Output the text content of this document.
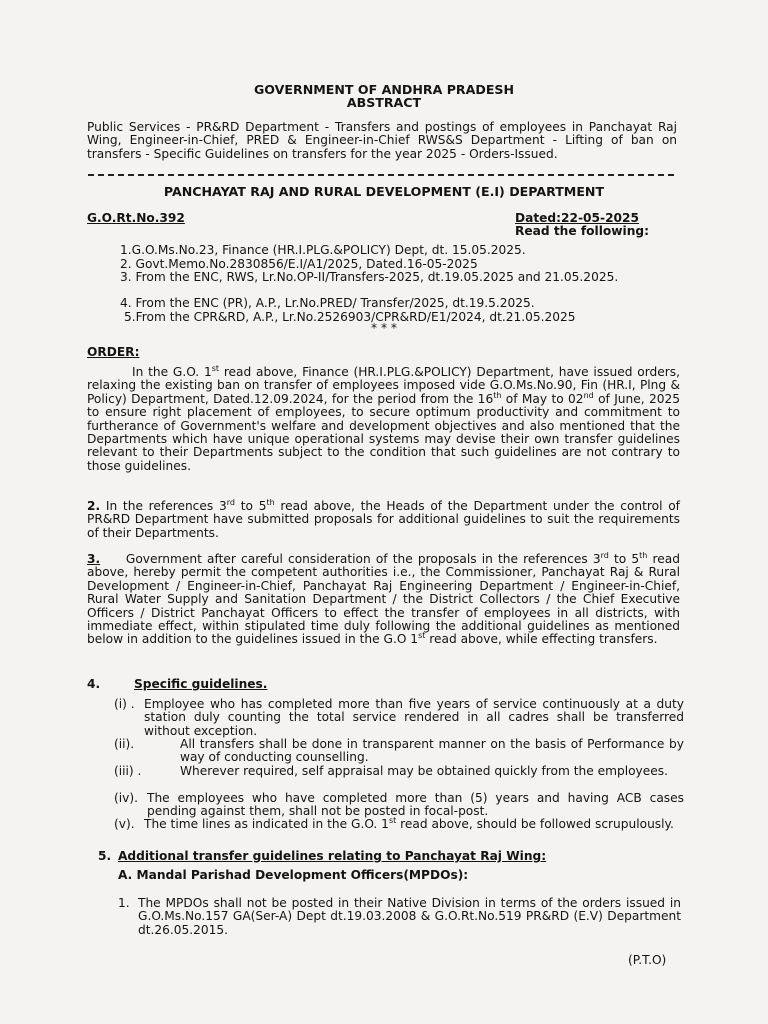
GOVERNMENT OF ANDHRA PRADESH
ABSTRACT
Public Services - PR&RD Department - Transfers and postings of employees in Panchayat Raj Wing, Engineer-in-Chief, PRED & Engineer-in-Chief RWS&S Department - Lifting of ban on transfers - Specific Guidelines on transfers for the year 2025 - Orders-Issued.
PANCHAYAT RAJ AND RURAL DEVELOPMENT (E.I) DEPARTMENT
G.O.Rt.No.392	Dated:22-05-2025
Read the following:
1.G.O.Ms.No.23, Finance (HR.I.PLG.&POLICY) Dept, dt. 15.05.2025.
2. Govt.Memo.No.2830856/E.I/A1/2025, Dated.16-05-2025
3. From the ENC, RWS, Lr.No.OP-II/Transfers-2025, dt.19.05.2025 and 21.05.2025.
4. From the ENC (PR), A.P., Lr.No.PRED/ Transfer/2025, dt.19.5.2025.
5.From the CPR&RD, A.P., Lr.No.2526903/CPR&RD/E1/2024, dt.21.05.2025
* * *
ORDER:
In the G.O. 1st read above, Finance (HR.I.PLG.&POLICY) Department, have issued orders, relaxing the existing ban on transfer of employees imposed vide G.O.Ms.No.90, Fin (HR.I, Plng & Policy) Department, Dated.12.09.2024, for the period from the 16th of May to 02nd of June, 2025 to ensure right placement of employees, to secure optimum productivity and commitment to furtherance of Government's welfare and development objectives and also mentioned that the Departments which have unique operational systems may devise their own transfer guidelines relevant to their Departments subject to the condition that such guidelines are not contrary to those guidelines.
2. In the references 3rd to 5th read above, the Heads of the Department under the control of PR&RD Department have submitted proposals for additional guidelines to suit the requirements of their Departments.
3.     Government after careful consideration of the proposals in the references 3rd to 5th read above, hereby permit the competent authorities i.e., the Commissioner, Panchayat Raj & Rural Development / Engineer-in-Chief, Panchayat Raj Engineering Department / Engineer-in-Chief, Rural Water Supply and Sanitation Department / the District Collectors / the Chief Executive Officers / District Panchayat Officers to effect the transfer of employees in all districts, with immediate effect, within stipulated time duly following the additional guidelines as mentioned below in addition to the guidelines issued in the G.O 1st read above, while effecting transfers.
4.	Specific guidelines.
(i) . Employee who has completed more than five years of service continuously at a duty station duly counting the total service rendered in all cadres shall be transferred without exception.
(ii).	All transfers shall be done in transparent manner on the basis of Performance by way of conducting counselling.
(iii) .	Wherever required, self appraisal may be obtained quickly from the employees.
(iv). The employees who have completed more than (5) years and having ACB cases pending against them, shall not be posted in focal-post.
(v). The time lines as indicated in the G.O. 1st read above, should be followed scrupulously.
5. Additional transfer guidelines relating to Panchayat Raj Wing:
A. Mandal Parishad Development Officers(MPDOs):
1. The MPDOs shall not be posted in their Native Division in terms of the orders issued in G.O.Ms.No.157 GA(Ser-A) Dept dt.19.03.2008 & G.O.Rt.No.519 PR&RD (E.V) Department dt.26.05.2015.
(P.T.O)
